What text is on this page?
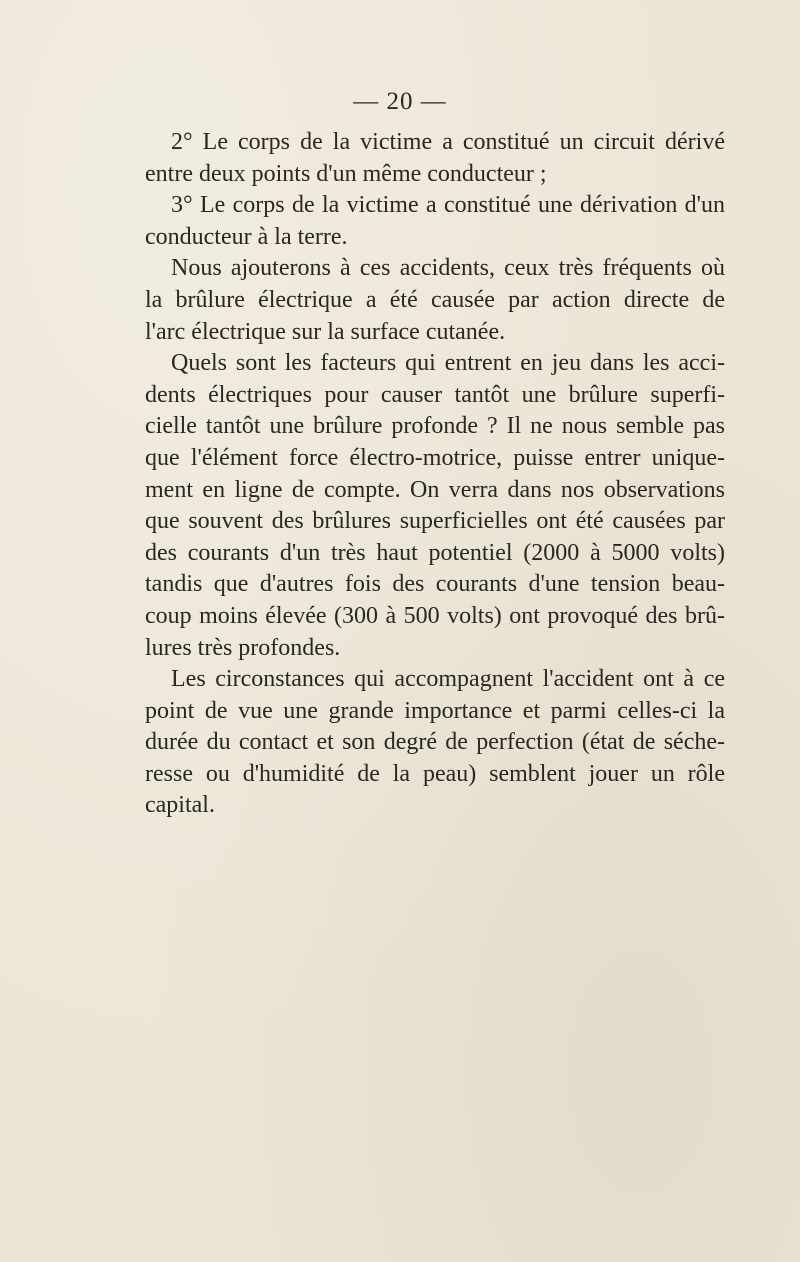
— 20 —
2° Le corps de la victime a constitué un circuit dérivé
entre deux points d'un même conducteur ;
3° Le corps de la victime a constitué une dérivation d'un
conducteur à la terre.
Nous ajouterons à ces accidents, ceux très fréquents où
la brûlure électrique a été causée par action directe de
l'arc électrique sur la surface cutanée.
Quels sont les facteurs qui entrent en jeu dans les acci-
dents électriques pour causer tantôt une brûlure superfi-
cielle tantôt une brûlure profonde ? Il ne nous semble pas
que l'élément force électro-motrice, puisse entrer unique-
ment en ligne de compte. On verra dans nos observations
que souvent des brûlures superficielles ont été causées par
des courants d'un très haut potentiel (2000 à 5000 volts)
tandis que d'autres fois des courants d'une tension beau-
coup moins élevée (300 à 500 volts) ont provoqué des brû-
lures très profondes.
Les circonstances qui accompagnent l'accident ont à ce
point de vue une grande importance et parmi celles-ci la
durée du contact et son degré de perfection (état de séche-
resse ou d'humidité de la peau) semblent jouer un rôle
capital.
